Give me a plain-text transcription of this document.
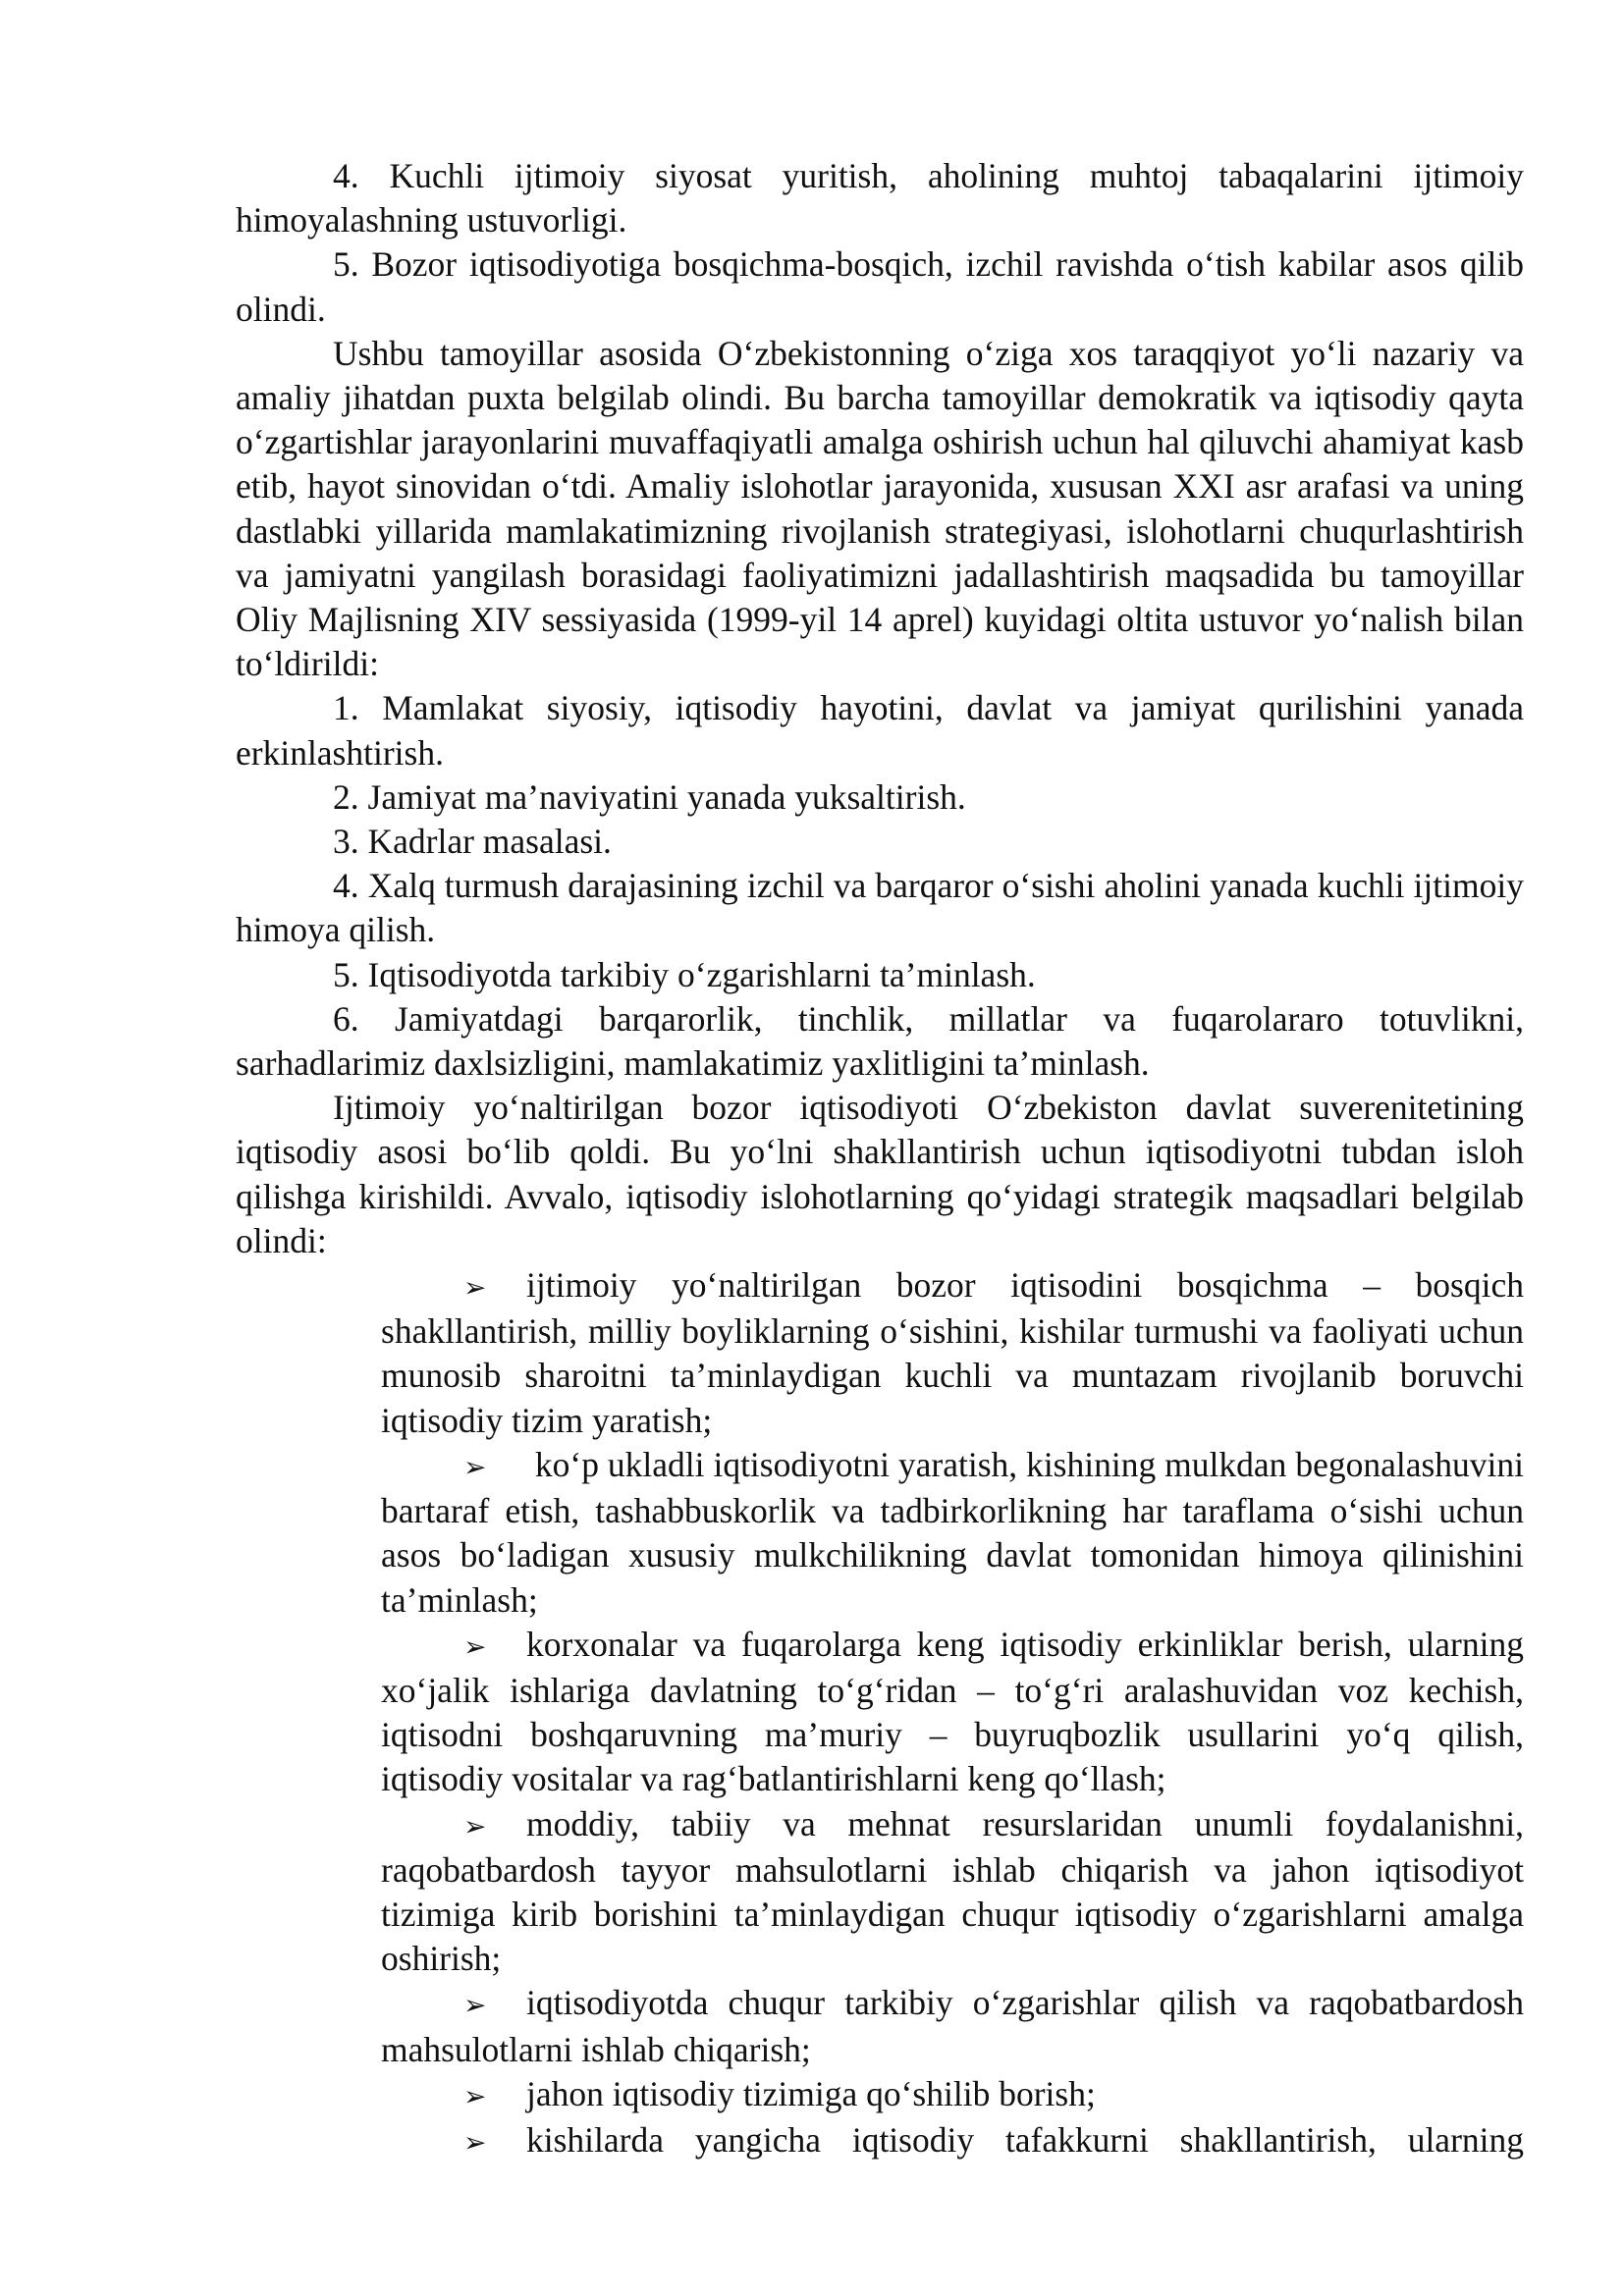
4. Kuchli ijtimoiy siyosat yuritish, aholining muhtoj tabaqalarini ijtimoiy himoyalashning ustuvorligi.

5. Bozor iqtisodiyotiga bosqichma-bosqich, izchil ravishda o‘tish kabilar asos qilib olindi.

Ushbu tamoyillar asosida O‘zbekistonning o‘ziga xos taraqqiyot yo‘li nazariy va amaliy jihatdan puxta belgilab olindi. Bu barcha tamoyillar demokratik va iqtisodiy qayta o‘zgartishlar jarayonlarini muvaffaqiyatli amalga oshirish uchun hal qiluvchi ahamiyat kasb etib, hayot sinovidan o‘tdi. Amaliy islohotlar jarayonida, xususan XXI asr arafasi va uning dastlabki yillarida mamlakatimizning rivojlanish strategiyasi, islohotlarni chuqurlashtirish va jamiyatni yangilash borasidagi faoliyatimizni jadallashtirish maqsadida bu tamoyillar Oliy Majlisning XIV sessiyasida (1999-yil 14 aprel) kuyidagi oltita ustuvor yo‘nalish bilan to‘ldirildi:

1. Mamlakat siyosiy, iqtisodiy hayotini, davlat va jamiyat qurilishini yanada erkinlashtirish.

2. Jamiyat ma’naviyatini yanada yuksaltirish.

3. Kadrlar masalasi.

4. Xalq turmush darajasining izchil va barqaror o‘sishi aholini yanada kuchli ijtimoiy himoya qilish.

5. Iqtisodiyotda tarkibiy o‘zgarishlarni ta’minlash.

6. Jamiyatdagi barqarorlik, tinchlik, millatlar va fuqarolararo totuvlikni, sarhadlarimiz daxlsizligini, mamlakatimiz yaxlitligini ta’minlash.

Ijtimoiy yo‘naltirilgan bozor iqtisodiyoti O‘zbekiston davlat suverenitetining iqtisodiy asosi bo‘lib qoldi. Bu yo‘lni shakllantirish uchun iqtisodiyotni tubdan isloh qilishga kirishildi. Avvalo, iqtisodiy islohotlarning qo‘yidagi strategik maqsadlari belgilab olindi:

➢ ijtimoiy yo‘naltirilgan bozor iqtisodini bosqichma – bosqich shakllantirish, milliy boyliklarning o‘sishini, kishilar turmushi va faoliyati uchun munosib sharoitni ta’minlaydigan kuchli va muntazam rivojlanib boruvchi iqtisodiy tizim yaratish;

➢ ko‘p ukladli iqtisodiyotni yaratish, kishining mulkdan begonalashuvini bartaraf etish, tashabbuskorlik va tadbirkorlikning har taraflama o‘sishi uchun asos bo‘ladigan xususiy mulkchilikning davlat tomonidan himoya qilinishini ta’minlash;

➢ korxonalar va fuqarolarga keng iqtisodiy erkinliklar berish, ularning xo‘jalik ishlariga davlatning to‘g‘ridan – to‘g‘ri aralashuvidan voz kechish, iqtisodni boshqaruvning ma’muriy – buyruqbozlik usullarini yo‘q qilish, iqtisodiy vositalar va rag‘batlantirishlarni keng qo‘llash;

➢ moddiy, tabiiy va mehnat resurslaridan unumli foydalanishni, raqobatbardosh tayyor mahsulotlarni ishlab chiqarish va jahon iqtisodiyot tizimiga kirib borishini ta’minlaydigan chuqur iqtisodiy o‘zgarishlarni amalga oshirish;

➢ iqtisodiyotda chuqur tarkibiy o‘zgarishlar qilish va raqobatbardosh mahsulotlarni ishlab chiqarish;

➢ jahon iqtisodiy tizimiga qo‘shilib borish;

➢ kishilarda yangicha iqtisodiy tafakkurni shakllantirish, ularning
